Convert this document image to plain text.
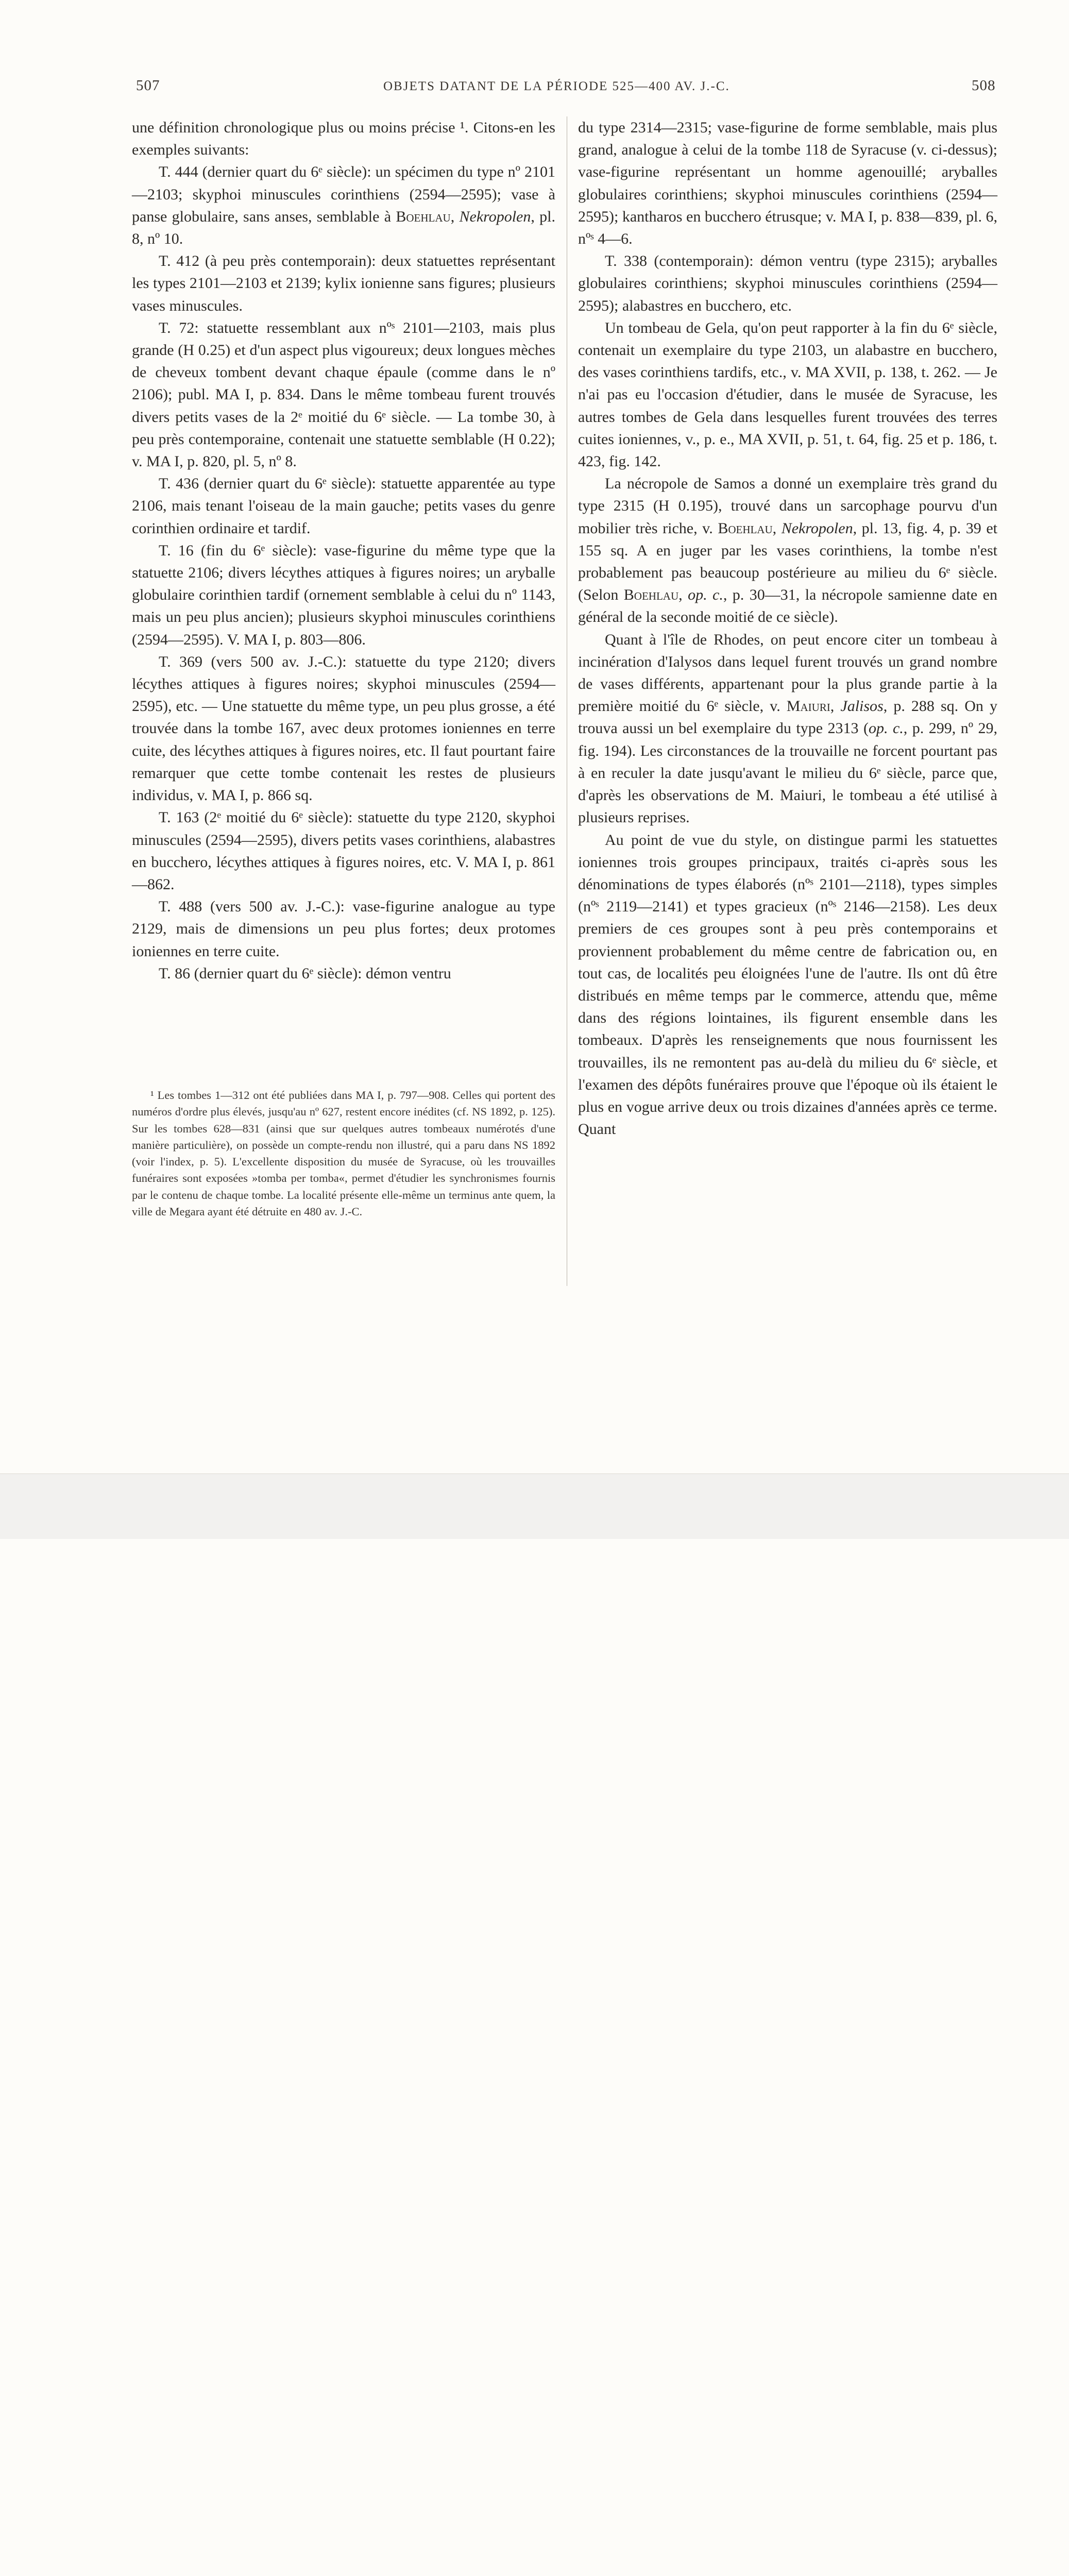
507	OBJETS DATANT DE LA PÉRIODE 525—400 AV. J.-C.	508

une définition chronologique plus ou moins précise ¹. Citons-en les exemples suivants:

T. 444 (dernier quart du 6ᵉ siècle): un spécimen du type nº 2101—2103; skyphoi minuscules corinthiens (2594—2595); vase à panse globulaire, sans anses, semblable à Boehlau, Nekropolen, pl. 8, nº 10.

T. 412 (à peu près contemporain): deux statuettes représentant les types 2101—2103 et 2139; kylix ionienne sans figures; plusieurs vases minuscules.

T. 72: statuette ressemblant aux nºˢ 2101—2103, mais plus grande (H 0.25) et d'un aspect plus vigoureux; deux longues mèches de cheveux tombent devant chaque épaule (comme dans le nº 2106); publ. MA I, p. 834. Dans le même tombeau furent trouvés divers petits vases de la 2ᵉ moitié du 6ᵉ siècle. — La tombe 30, à peu près contemporaine, contenait une statuette semblable (H 0.22); v. MA I, p. 820, pl. 5, nº 8.

T. 436 (dernier quart du 6ᵉ siècle): statuette apparentée au type 2106, mais tenant l'oiseau de la main gauche; petits vases du genre corinthien ordinaire et tardif.

T. 16 (fin du 6ᵉ siècle): vase-figurine du même type que la statuette 2106; divers lécythes attiques à figures noires; un aryballe globulaire corinthien tardif (ornement semblable à celui du nº 1143, mais un peu plus ancien); plusieurs skyphoi minuscules corinthiens (2594—2595). V. MA I, p. 803—806.

T. 369 (vers 500 av. J.-C.): statuette du type 2120; divers lécythes attiques à figures noires; skyphoi minuscules (2594—2595), etc. — Une statuette du même type, un peu plus grosse, a été trouvée dans la tombe 167, avec deux protomes ioniennes en terre cuite, des lécythes attiques à figures noires, etc. Il faut pourtant faire remarquer que cette tombe contenait les restes de plusieurs individus, v. MA I, p. 866 sq.

T. 163 (2ᵉ moitié du 6ᵉ siècle): statuette du type 2120, skyphoi minuscules (2594—2595), divers petits vases corinthiens, alabastres en bucchero, lécythes attiques à figures noires, etc. V. MA I, p. 861—862.

T. 488 (vers 500 av. J.-C.): vase-figurine analogue au type 2129, mais de dimensions un peu plus fortes; deux protomes ioniennes en terre cuite.

T. 86 (dernier quart du 6ᵉ siècle): démon ventru

¹ Les tombes 1—312 ont été publiées dans MA I, p. 797—908. Celles qui portent des numéros d'ordre plus élevés, jusqu'au nº 627, restent encore inédites (cf. NS 1892, p. 125). Sur les tombes 628—831 (ainsi que sur quelques autres tombeaux numérotés d'une manière particulière), on possède un compte-rendu non illustré, qui a paru dans NS 1892 (voir l'index, p. 5). L'excellente disposition du musée de Syracuse, où les trouvailles funéraires sont exposées »tomba per tomba«, permet d'étudier les synchronismes fournis par le contenu de chaque tombe. La localité présente elle-même un terminus ante quem, la ville de Megara ayant été détruite en 480 av. J.-C.

du type 2314—2315; vase-figurine de forme semblable, mais plus grand, analogue à celui de la tombe 118 de Syracuse (v. ci-dessus); vase-figurine représentant un homme agenouillé; aryballes globulaires corinthiens; skyphoi minuscules corinthiens (2594—2595); kantharos en bucchero étrusque; v. MA I, p. 838—839, pl. 6, nºˢ 4—6.

T. 338 (contemporain): démon ventru (type 2315); aryballes globulaires corinthiens; skyphoi minuscules corinthiens (2594—2595); alabastres en bucchero, etc.

Un tombeau de Gela, qu'on peut rapporter à la fin du 6ᵉ siècle, contenait un exemplaire du type 2103, un alabastre en bucchero, des vases corinthiens tardifs, etc., v. MA XVII, p. 138, t. 262. — Je n'ai pas eu l'occasion d'étudier, dans le musée de Syracuse, les autres tombes de Gela dans lesquelles furent trouvées des terres cuites ioniennes, v., p. e., MA XVII, p. 51, t. 64, fig. 25 et p. 186, t. 423, fig. 142.

La nécropole de Samos a donné un exemplaire très grand du type 2315 (H 0.195), trouvé dans un sarcophage pourvu d'un mobilier très riche, v. Boehlau, Nekropolen, pl. 13, fig. 4, p. 39 et 155 sq. A en juger par les vases corinthiens, la tombe n'est probablement pas beaucoup postérieure au milieu du 6ᵉ siècle. (Selon Boehlau, op. c., p. 30—31, la nécropole samienne date en général de la seconde moitié de ce siècle).

Quant à l'île de Rhodes, on peut encore citer un tombeau à incinération d'Ialysos dans lequel furent trouvés un grand nombre de vases différents, appartenant pour la plus grande partie à la première moitié du 6ᵉ siècle, v. Maiuri, Jalisos, p. 288 sq. On y trouva aussi un bel exemplaire du type 2313 (op. c., p. 299, nº 29, fig. 194). Les circonstances de la trouvaille ne forcent pourtant pas à en reculer la date jusqu'avant le milieu du 6ᵉ siècle, parce que, d'après les observations de M. Maiuri, le tombeau a été utilisé à plusieurs reprises.

Au point de vue du style, on distingue parmi les statuettes ioniennes trois groupes principaux, traités ci-après sous les dénominations de types élaborés (nºˢ 2101—2118), types simples (nºˢ 2119—2141) et types gracieux (nºˢ 2146—2158). Les deux premiers de ces groupes sont à peu près contemporains et proviennent probablement du même centre de fabrication ou, en tout cas, de localités peu éloignées l'une de l'autre. Ils ont dû être distribués en même temps par le commerce, attendu que, même dans des régions lointaines, ils figurent ensemble dans les tombeaux. D'après les renseignements que nous fournissent les trouvailles, ils ne remontent pas au-delà du milieu du 6ᵉ siècle, et l'examen des dépôts funéraires prouve que l'époque où ils étaient le plus en vogue arrive deux ou trois dizaines d'années après ce terme. Quant
